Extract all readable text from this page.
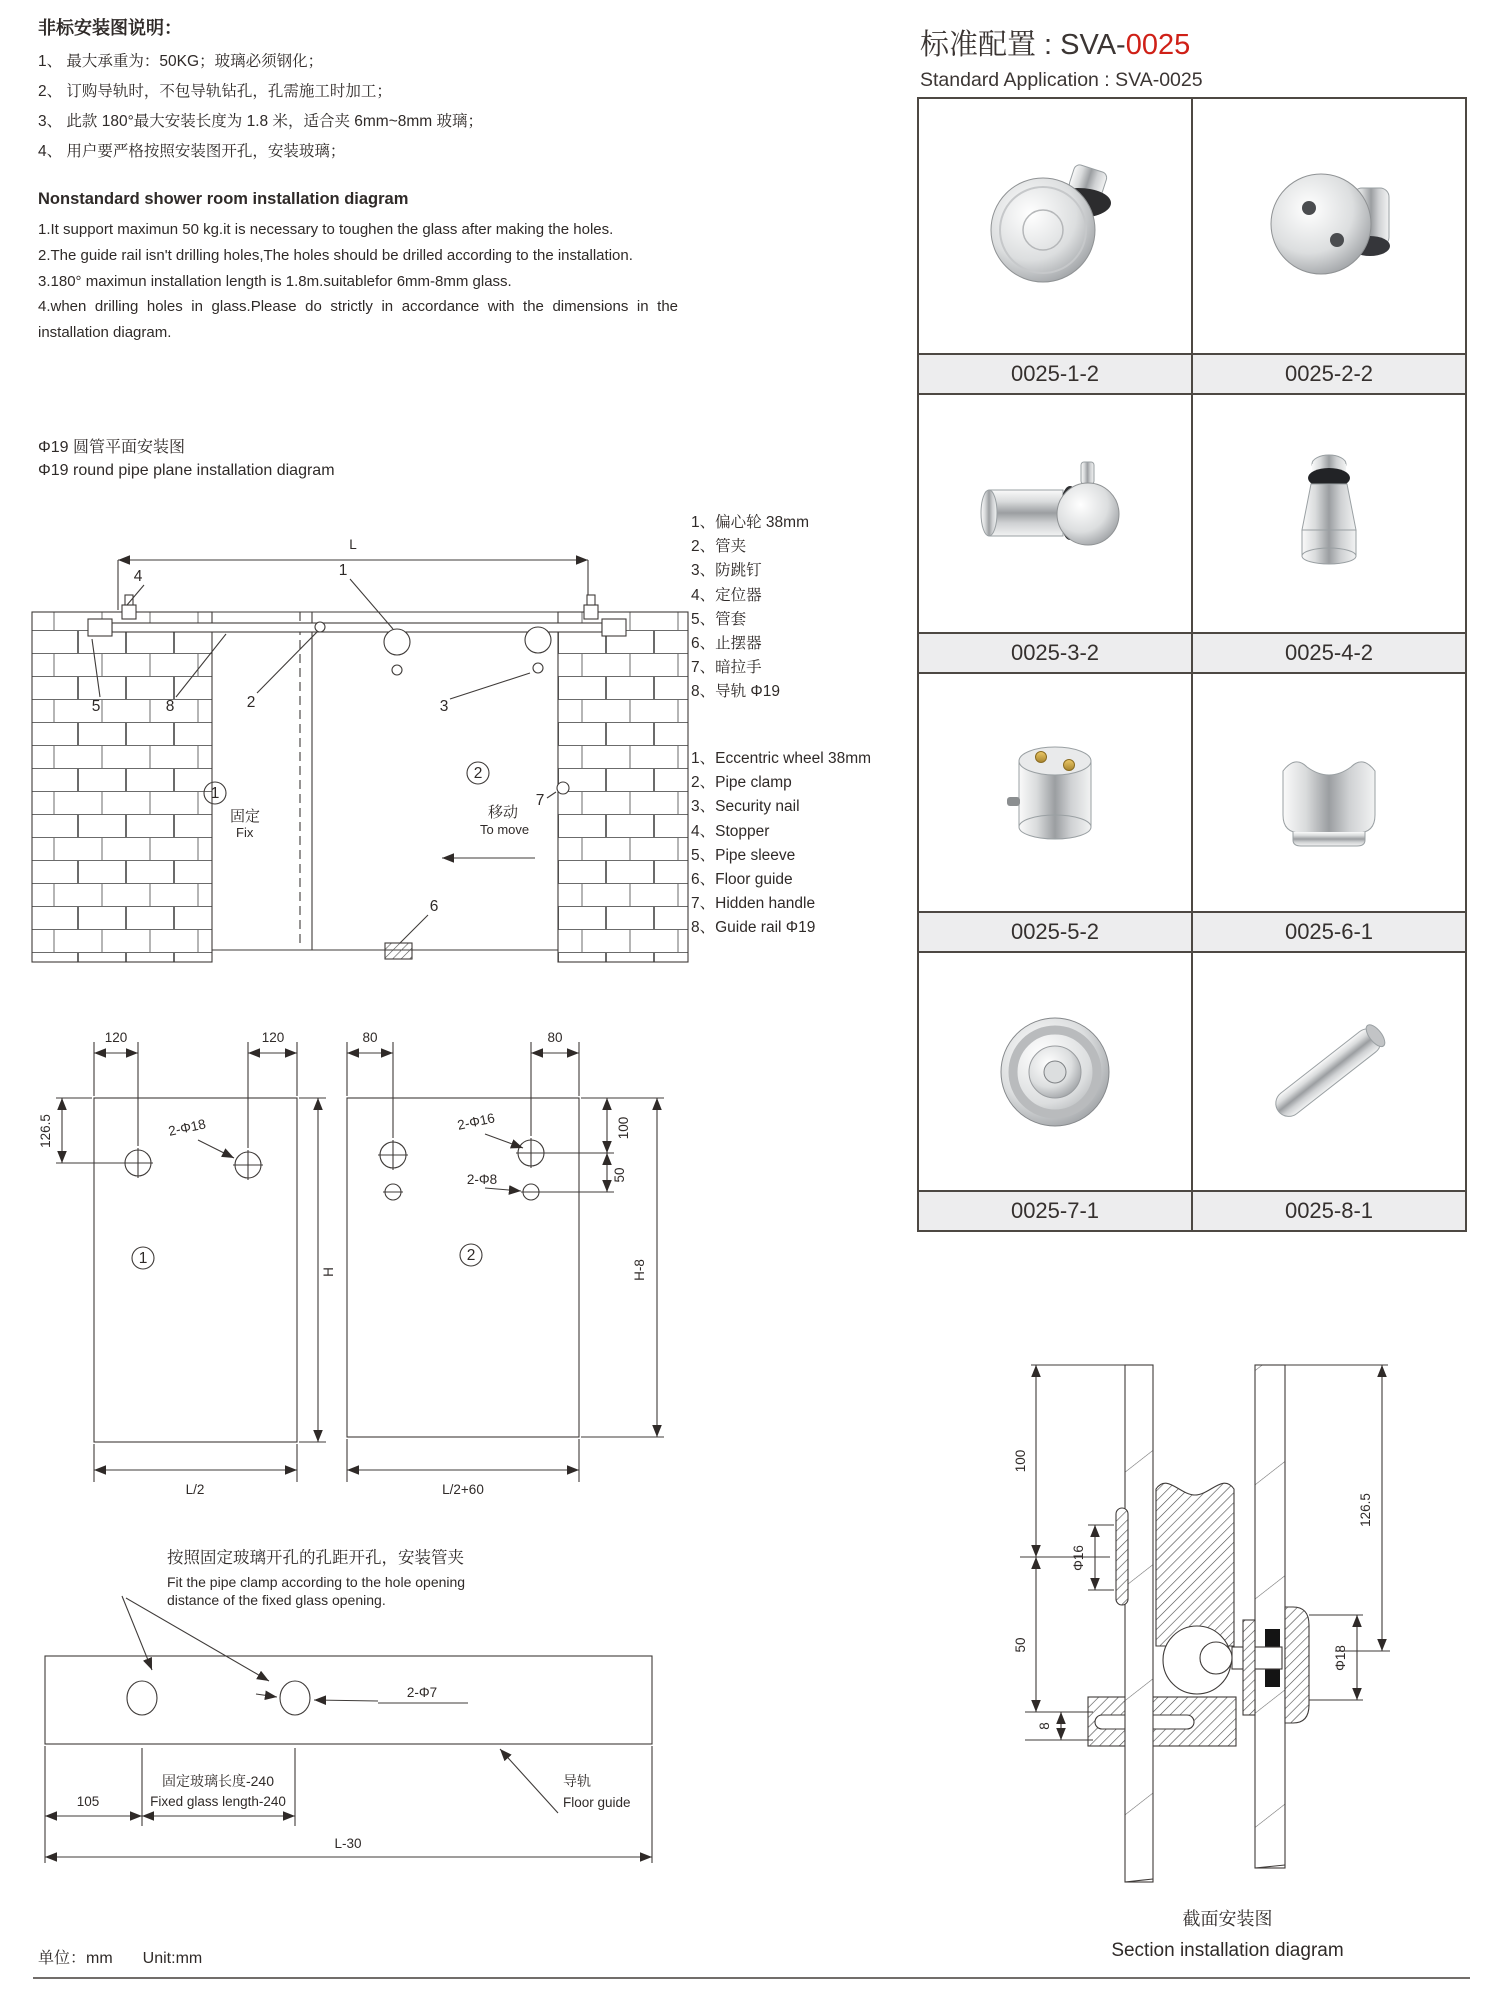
非标安装图说明：
1、 最大承重为：50KG；玻璃必须钢化；
2、 订购导轨时，不包导轨钻孔，孔需施工时加工；
3、 此款 180°最大安装长度为 1.8 米，适合夹 6mm~8mm 玻璃；
4、 用户要严格按照安装图开孔，安装玻璃；
Nonstandard shower room installation diagram
1.It support maximun 50 kg.it is necessary to toughen the glass after making the holes.
2.The guide rail isn't drilling holes,The holes should be drilled according to the installation.
3.180° maximun installation length is 1.8m.suitablefor 6mm-8mm glass.
4.when drilling holes in glass.Please do strictly in accordance with the dimensions in the installation diagram.
标准配置 : SVA-0025
Standard Application : SVA-0025
0025-1-2	0025-2-2
0025-3-2	0025-4-2
0025-5-2	0025-6-1
0025-7-1	0025-8-1
Φ19 圆管平面安装图
Φ19 round pipe plane installation diagram
L
4	1
5	8	2	3
6
7
1
固定
Fix
2
移动
To move
1、偏心轮 38mm
2、管夹
3、防跳钉
4、定位器
5、管套
6、止摆器
7、暗拉手
8、导轨 Φ19
1、Eccentric wheel 38mm
2、Pipe clamp
3、Security nail
4、Stopper
5、Pipe sleeve
6、Floor guide
7、Hidden handle
8、Guide rail Φ19
120	120
126.5	2-Φ18
1
H
L/2
80	80
2-Φ16
2-Φ8
100
50
2
H-8
L/2+60
按照固定玻璃开孔的孔距开孔，安装管夹
Fit the pipe clamp according to the hole opening
distance of the fixed glass opening.
2-Φ7
105
固定玻璃长度-240
Fixed glass length-240
L-30
导轨
Floor guide
100
50
8
Φ16
Φ18
126.5
截面安装图
Section installation diagram
单位：mm Unit:mm
